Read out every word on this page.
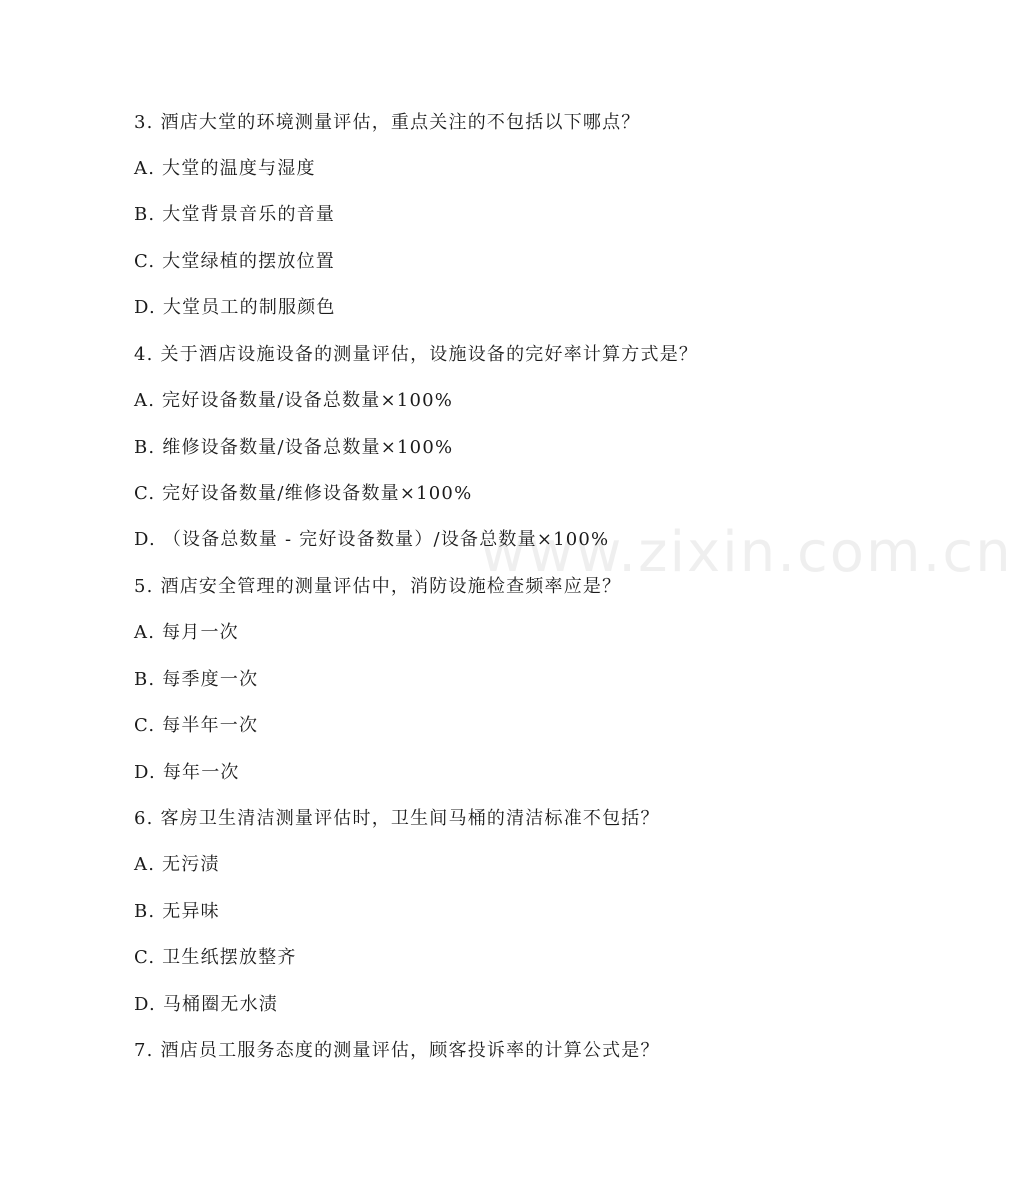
www.zixin.com.cn
3. 酒店大堂的环境测量评估，重点关注的不包括以下哪点？
A. 大堂的温度与湿度
B. 大堂背景音乐的音量
C. 大堂绿植的摆放位置
D. 大堂员工的制服颜色
4. 关于酒店设施设备的测量评估，设施设备的完好率计算方式是？
A. 完好设备数量/设备总数量×100%
B. 维修设备数量/设备总数量×100%
C. 完好设备数量/维修设备数量×100%
D. （设备总数量 - 完好设备数量）/设备总数量×100%
5. 酒店安全管理的测量评估中，消防设施检查频率应是？
A. 每月一次
B. 每季度一次
C. 每半年一次
D. 每年一次
6. 客房卫生清洁测量评估时，卫生间马桶的清洁标准不包括？
A. 无污渍
B. 无异味
C. 卫生纸摆放整齐
D. 马桶圈无水渍
7. 酒店员工服务态度的测量评估，顾客投诉率的计算公式是？
